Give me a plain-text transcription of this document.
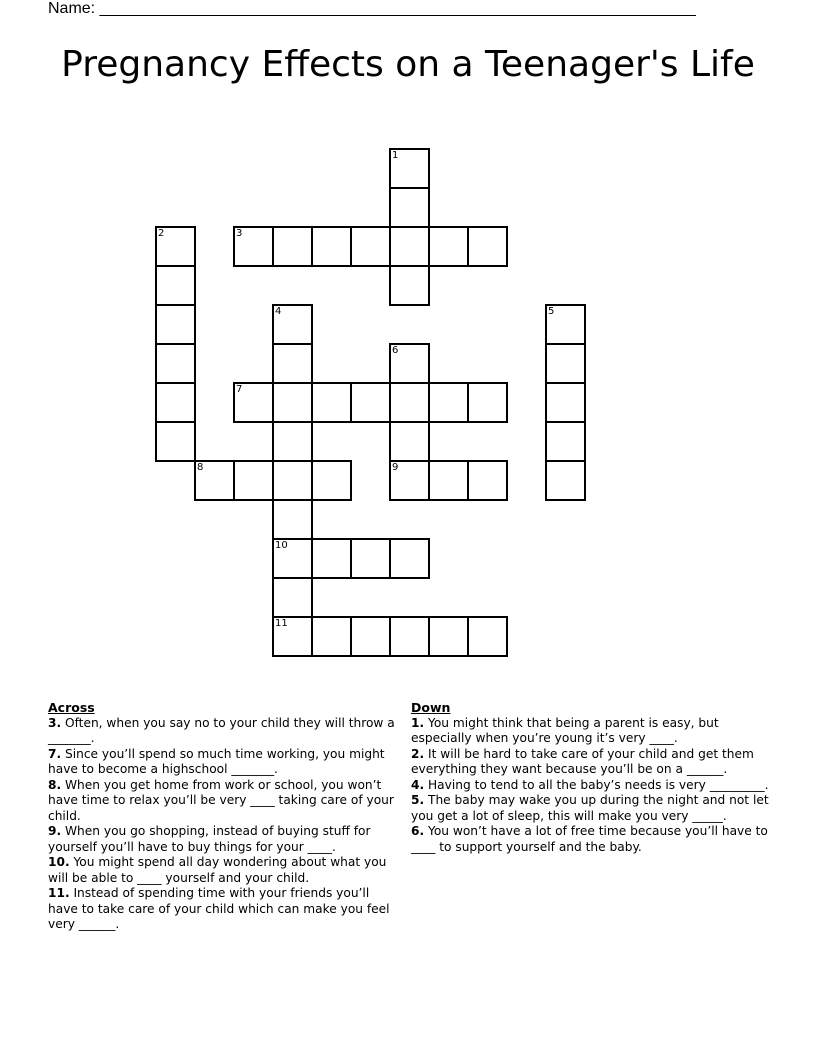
Name: ___________________________________________________________________
Pregnancy Effects on a Teenager's Life
1
2	3
4	5
6
7
8	9
10
11
Across

3. Often, when you say no to your child they will throw a _______.

7. Since you’ll spend so much time working, you might have to become a highschool _______.

8. When you get home from work or school, you won’t have time to relax you’ll be very ____ taking care of your child.

9. When you go shopping, instead of buying stuff for yourself you’ll have to buy things for your ____.

10. You might spend all day wondering about what you will be able to ____ yourself and your child.

11. Instead of spending time with your friends you’ll have to take care of your child which can make you feel very ______.

Down

1. You might think that being a parent is easy, but especially when you’re young it’s very ____.

2. It will be hard to take care of your child and get them everything they want because you’ll be on a ______.

4. Having to tend to all the baby’s needs is very _________.

5. The baby may wake you up during the night and not let you get a lot of sleep, this will make you very _____.

6. You won’t have a lot of free time because you’ll have to ____ to support yourself and the baby.
